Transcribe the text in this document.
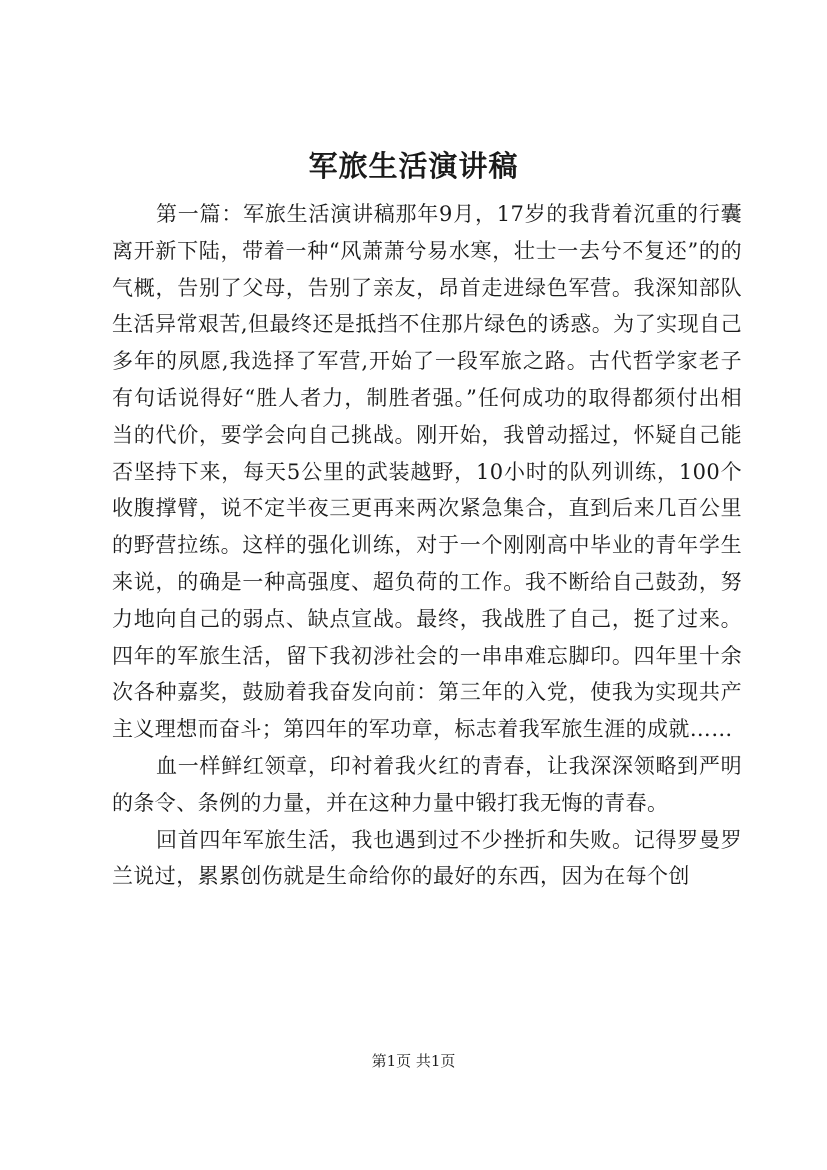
军旅生活演讲稿

第一篇：军旅生活演讲稿那年9月，17岁的我背着沉重的行囊离开新下陆，带着一种“风萧萧兮易水寒，壮士一去兮不复还”的的气概，告别了父母，告别了亲友，昂首走进绿色军营。我深知部队生活异常艰苦,但最终还是抵挡不住那片绿色的诱惑。为了实现自己多年的夙愿,我选择了军营,开始了一段军旅之路。古代哲学家老子有句话说得好“胜人者力，制胜者强。”任何成功的取得都须付出相当的代价，要学会向自己挑战。刚开始，我曾动摇过，怀疑自己能否坚持下来，每天5公里的武装越野，10小时的队列训练，100个收腹撑臂，说不定半夜三更再来两次紧急集合，直到后来几百公里的野营拉练。这样的强化训练，对于一个刚刚高中毕业的青年学生来说，的确是一种高强度、超负荷的工作。我不断给自己鼓劲，努力地向自己的弱点、缺点宣战。最终，我战胜了自己，挺了过来。四年的军旅生活，留下我初涉社会的一串串难忘脚印。四年里十余次各种嘉奖，鼓励着我奋发向前：第三年的入党，使我为实现共产主义理想而奋斗；第四年的军功章，标志着我军旅生涯的成就……

血一样鲜红领章，印衬着我火红的青春，让我深深领略到严明的条令、条例的力量，并在这种力量中锻打我无悔的青春。

回首四年军旅生活，我也遇到过不少挫折和失败。记得罗曼罗兰说过，累累创伤就是生命给你的最好的东西，因为在每个创

第1页 共1页
